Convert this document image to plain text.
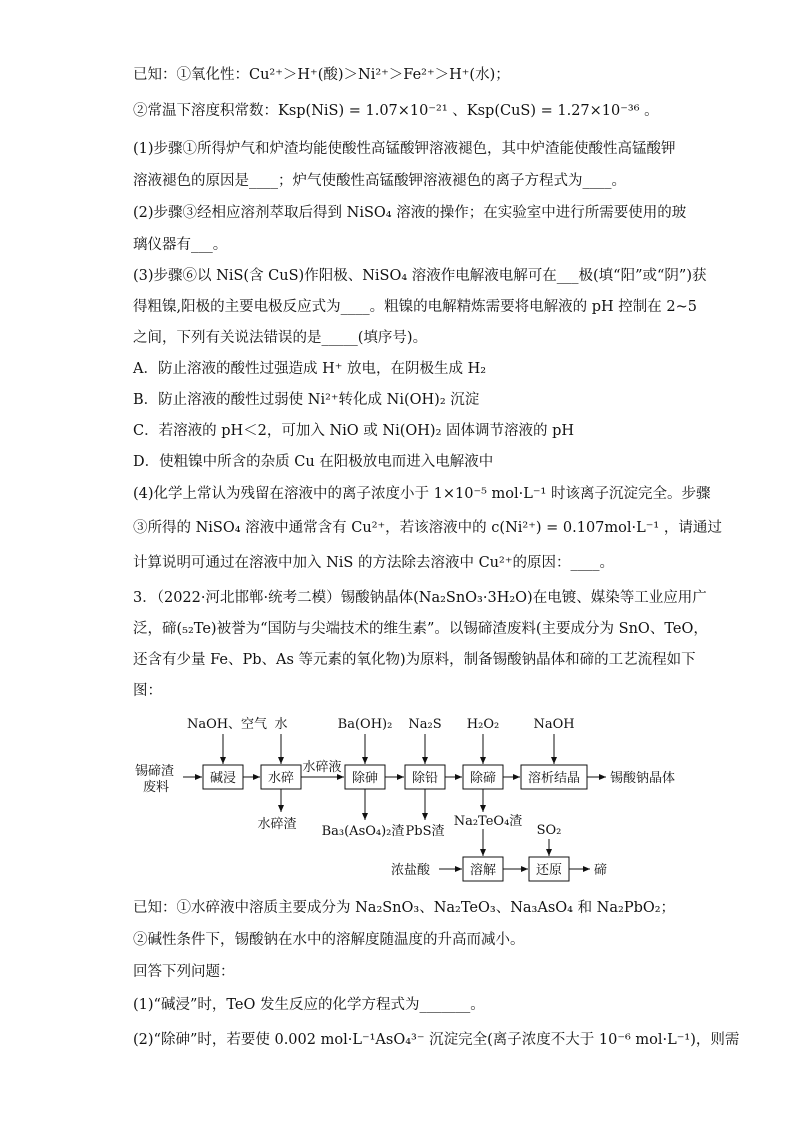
已知：①氧化性：Cu²⁺＞H⁺(酸)＞Ni²⁺＞Fe²⁺＞H⁺(水)；
②常温下溶度积常数：Ksp(NiS) = 1.07×10⁻²¹ 、Ksp(CuS) = 1.27×10⁻³⁶ 。
(1)步骤①所得炉气和炉渣均能使酸性高锰酸钾溶液褪色，其中炉渣能使酸性高锰酸钾
溶液褪色的原因是____；炉气使酸性高锰酸钾溶液褪色的离子方程式为____。
(2)步骤③经相应溶剂萃取后得到 NiSO₄ 溶液的操作；在实验室中进行所需要使用的玻
璃仪器有___。
(3)步骤⑥以 NiS(含 CuS)作阳极、NiSO₄ 溶液作电解液电解可在___极(填“阳”或“阴”)获
得粗镍,阳极的主要电极反应式为____。粗镍的电解精炼需要将电解液的 pH 控制在 2~5
之间，下列有关说法错误的是_____(填序号)。
A．防止溶液的酸性过强造成 H⁺ 放电，在阴极生成 H₂
B．防止溶液的酸性过弱使 Ni²⁺转化成 Ni(OH)₂ 沉淀
C．若溶液的 pH＜2，可加入 NiO 或 Ni(OH)₂ 固体调节溶液的 pH
D．使粗镍中所含的杂质 Cu 在阳极放电而进入电解液中
(4)化学上常认为残留在溶液中的离子浓度小于 1×10⁻⁵ mol·L⁻¹ 时该离子沉淀完全。步骤
③所得的 NiSO₄ 溶液中通常含有 Cu²⁺，若该溶液中的 c(Ni²⁺) = 0.107mol·L⁻¹ ，请通过
计算说明可通过在溶液中加入 NiS 的方法除去溶液中 Cu²⁺的原因：____。
3．（2022·河北邯郸·统考二模）锡酸钠晶体(Na₂SnO₃·3H₂O)在电镀、媒染等工业应用广
泛，碲(₅₂Te)被誉为“国防与尖端技术的维生素”。以锡碲渣废料(主要成分为 SnO、TeO，
还含有少量 Fe、Pb、As 等元素的氧化物)为原料，制备锡酸钠晶体和碲的工艺流程如下
图：
锡碲渣
废料
碱浸 水碎	除砷	除铅 除碲 溶析结晶
溶解	还原
NaOH、空气 水	Ba(OH)₂ Na₂S H₂O₂	NaOH
水碎液
锡酸钠晶体
水碎渣 Ba₃(AsO₄)₂渣 PbS渣
Na₂TeO₄渣
浓盐酸
SO₂
碲
已知：①水碎液中溶质主要成分为 Na₂SnO₃、Na₂TeO₃、Na₃AsO₄ 和 Na₂PbO₂；
②碱性条件下，锡酸钠在水中的溶解度随温度的升高而减小。
回答下列问题：
(1)“碱浸”时，TeO 发生反应的化学方程式为_______。
(2)“除砷”时，若要使 0.002 mol·L⁻¹AsO₄³⁻ 沉淀完全(离子浓度不大于 10⁻⁶ mol·L⁻¹)，则需
